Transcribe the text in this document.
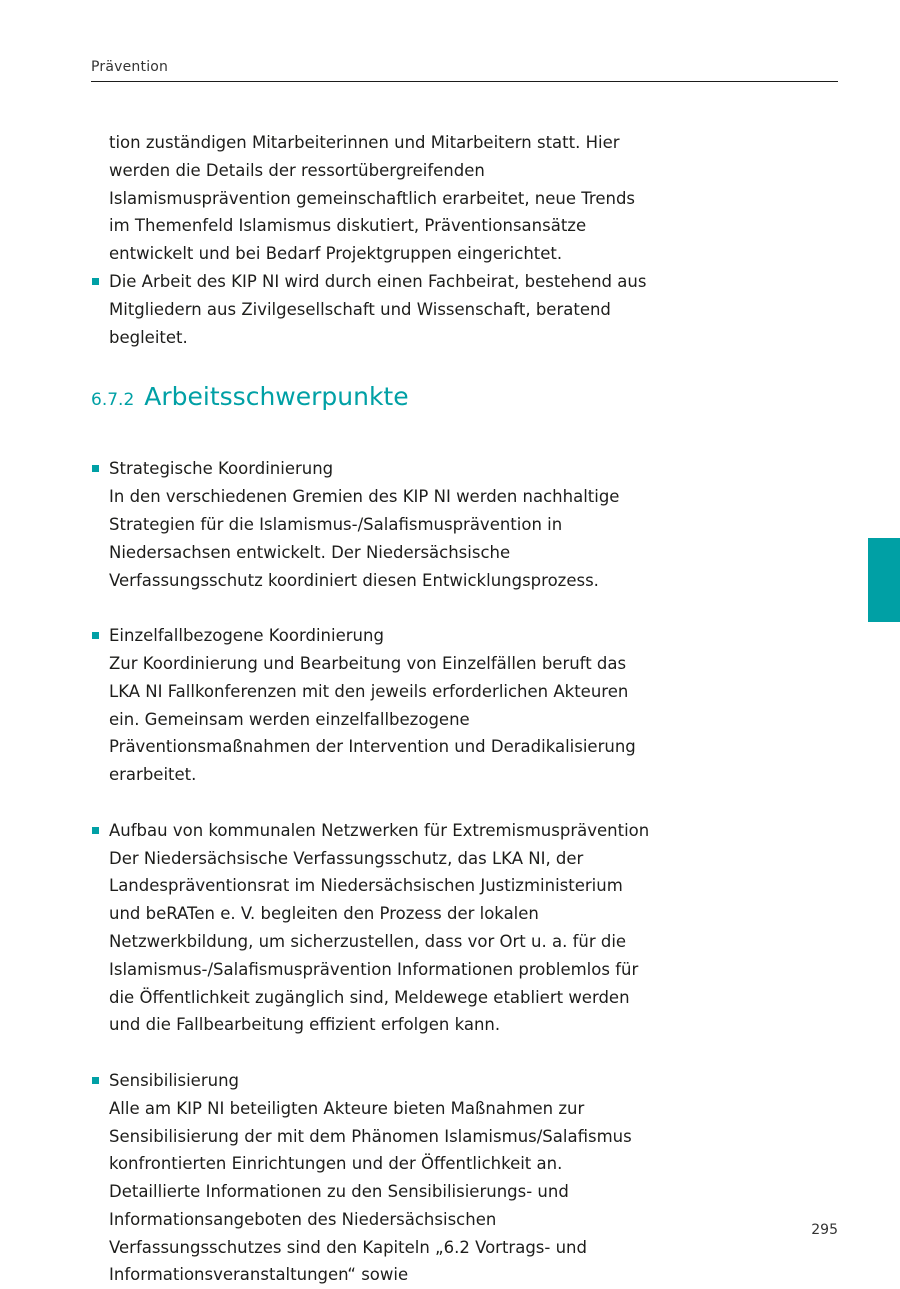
Prävention

tion zuständigen Mitarbeiterinnen und Mitarbeitern statt. Hier werden die Details der ressortübergreifenden Islamismusprävention gemeinschaftlich erarbeitet, neue Trends im Themenfeld Islamismus diskutiert, Präventionsansätze entwickelt und bei Bedarf Projektgruppen eingerichtet.

Die Arbeit des KIP NI wird durch einen Fachbeirat, bestehend aus Mitgliedern aus Zivilgesellschaft und Wissenschaft, beratend begleitet.
6.7.2 Arbeitsschwerpunkte
Strategische Koordinierung
In den verschiedenen Gremien des KIP NI werden nachhaltige Strategien für die Islamismus-/Salafismusprävention in Niedersachsen entwickelt. Der Niedersächsische Verfassungsschutz koordiniert diesen Entwicklungsprozess.
Einzelfallbezogene Koordinierung
Zur Koordinierung und Bearbeitung von Einzelfällen beruft das LKA NI Fallkonferenzen mit den jeweils erforderlichen Akteuren ein. Gemeinsam werden einzelfallbezogene Präventionsmaßnahmen der Intervention und Deradikalisierung erarbeitet.
Aufbau von kommunalen Netzwerken für Extremismusprävention
Der Niedersächsische Verfassungsschutz, das LKA NI, der Landespräventionsrat im Niedersächsischen Justizministerium und beRATen e. V. begleiten den Prozess der lokalen Netzwerkbildung, um sicherzustellen, dass vor Ort u. a. für die Islamismus-/Salafismusprävention Informationen problemlos für die Öffentlichkeit zugänglich sind, Meldewege etabliert werden und die Fallbearbeitung effizient erfolgen kann.
Sensibilisierung
Alle am KIP NI beteiligten Akteure bieten Maßnahmen zur Sensibilisierung der mit dem Phänomen Islamismus/Salafismus konfrontierten Einrichtungen und der Öffentlichkeit an. Detaillierte Informationen zu den Sensibilisierungs- und Informationsangeboten des Niedersächsischen Verfassungsschutzes sind den Kapiteln „6.2 Vortrags- und Informationsveranstaltungen“ sowie
295
